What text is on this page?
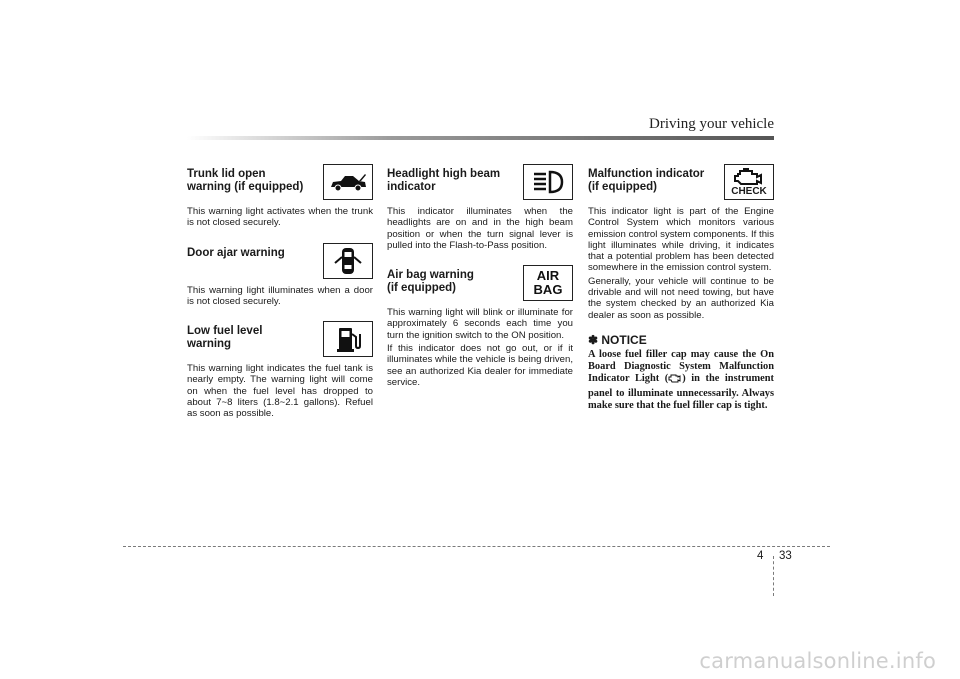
Driving your vehicle
Trunk lid open
warning (if equipped)

This warning light activates when the trunk is not closed securely.

Door ajar warning

This warning light illuminates when a door is not closed securely.

Low fuel level
warning

This warning light indicates the fuel tank is nearly empty. The warning light will come on when the fuel level has dropped to about 7~8 liters (1.8~2.1 gallons). Refuel as soon as possible.

Headlight high beam
indicator

This indicator illuminates when the headlights are on and in the high beam position or when the turn signal lever is pulled into the Flash-to-Pass position.

AIR
BAG
Air bag warning
(if equipped)

This warning light will blink or illuminate for approximately 6 seconds each time you turn the ignition switch to the ON position.

If this indicator does not go out, or if it illuminates while the vehicle is being driven, see an authorized Kia dealer for immediate service.

CHECK
Malfunction indicator
(if equipped)

This indicator light is part of the Engine Control System which monitors various emission control system components. If this light illuminates while driving, it indicates that a potential problem has been detected somewhere in the emission control system.

Generally, your vehicle will continue to be drivable and will not need towing, but have the system checked by an authorized Kia dealer as soon as possible.

✽ NOTICE
A loose fuel filler cap may cause the On Board Diagnostic System Malfunction Indicator Light ( ) in the instrument panel to illuminate unnecessarily. Always make sure that the fuel filler cap is tight.
4 33
carmanualsonline.info
